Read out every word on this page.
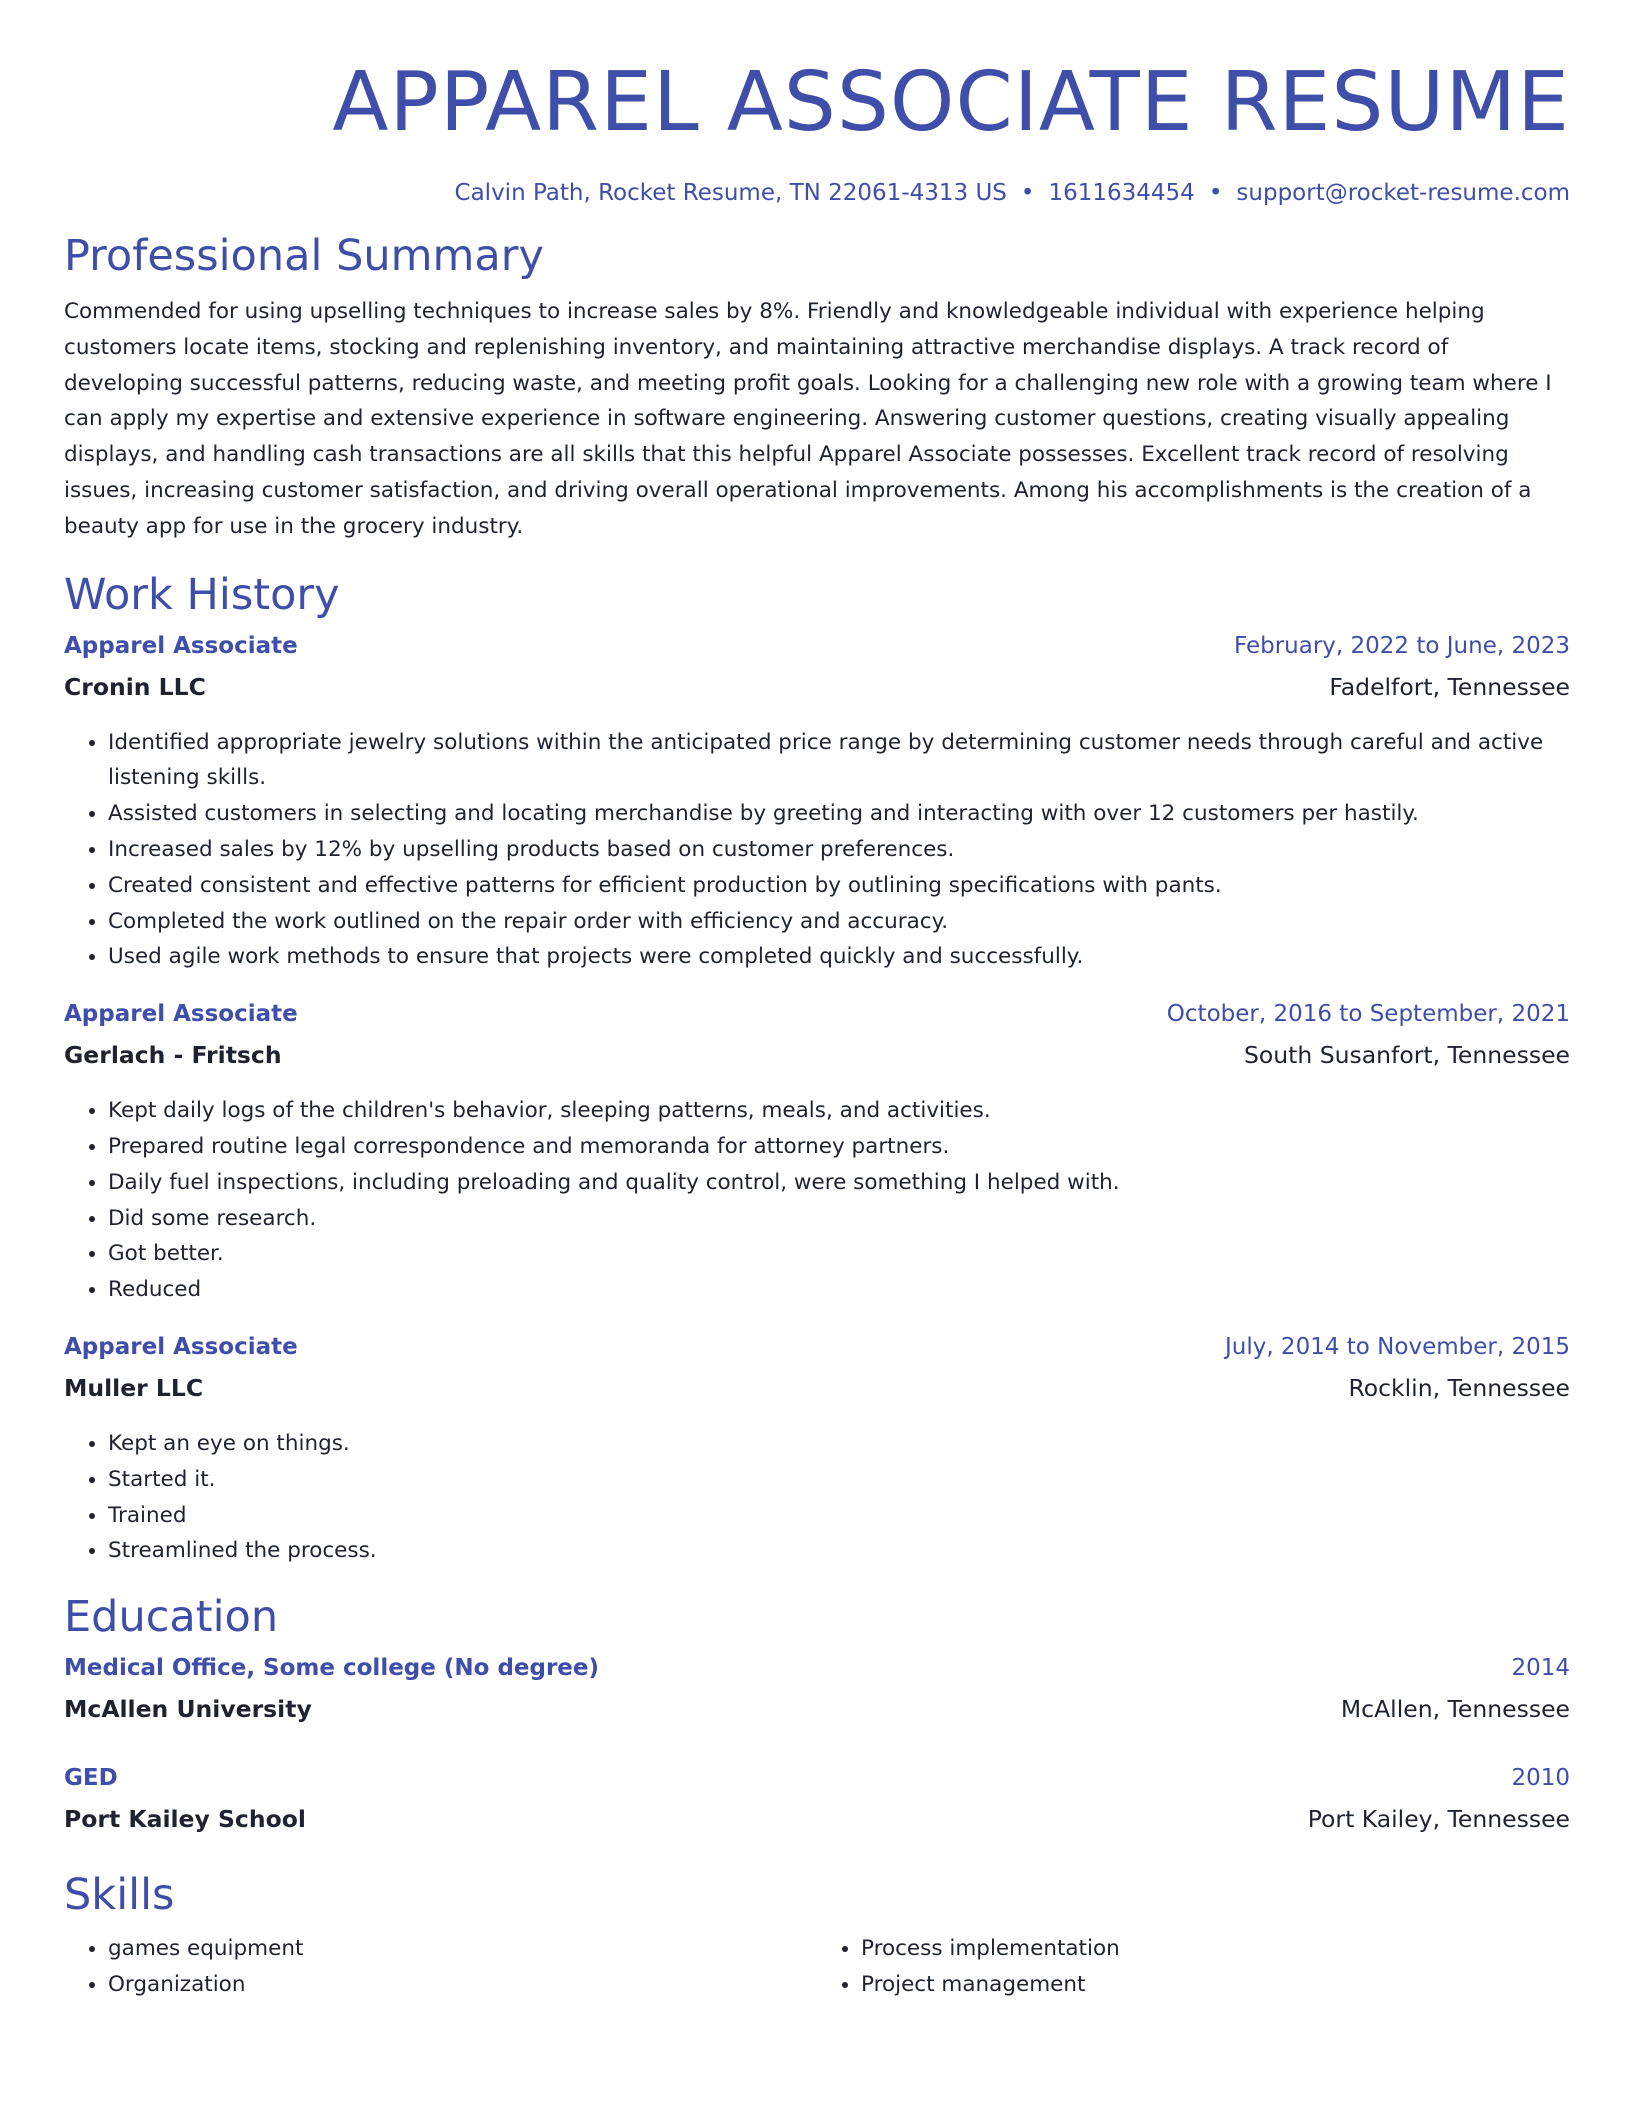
APPAREL ASSOCIATE RESUME
Calvin Path, Rocket Resume, TN 22061-4313 US • 1611634454 • support@rocket-resume.com
Professional Summary
Commended for using upselling techniques to increase sales by 8%. Friendly and knowledgeable individual with experience helping customers locate items, stocking and replenishing inventory, and maintaining attractive merchandise displays. A track record of developing successful patterns, reducing waste, and meeting profit goals. Looking for a challenging new role with a growing team where I can apply my expertise and extensive experience in software engineering. Answering customer questions, creating visually appealing displays, and handling cash transactions are all skills that this helpful Apparel Associate possesses. Excellent track record of resolving issues, increasing customer satisfaction, and driving overall operational improvements. Among his accomplishments is the creation of a beauty app for use in the grocery industry.
Work History
Apparel Associate	February, 2022 to June, 2023
Cronin LLC	Fadelfort, Tennessee
• Identified appropriate jewelry solutions within the anticipated price range by determining customer needs through careful and active listening skills.
• Assisted customers in selecting and locating merchandise by greeting and interacting with over 12 customers per hastily.
• Increased sales by 12% by upselling products based on customer preferences.
• Created consistent and effective patterns for efficient production by outlining specifications with pants.
• Completed the work outlined on the repair order with efficiency and accuracy.
• Used agile work methods to ensure that projects were completed quickly and successfully.
Apparel Associate	October, 2016 to September, 2021
Gerlach - Fritsch	South Susanfort, Tennessee
• Kept daily logs of the children's behavior, sleeping patterns, meals, and activities.
• Prepared routine legal correspondence and memoranda for attorney partners.
• Daily fuel inspections, including preloading and quality control, were something I helped with.
• Did some research.
• Got better.
• Reduced
Apparel Associate	July, 2014 to November, 2015
Muller LLC	Rocklin, Tennessee
• Kept an eye on things.
• Started it.
• Trained
• Streamlined the process.
Education
Medical Office, Some college (No degree)	2014
McAllen University	McAllen, Tennessee
GED	2010
Port Kailey School	Port Kailey, Tennessee
Skills
• games equipment
• Organization
• Process implementation
• Project management
